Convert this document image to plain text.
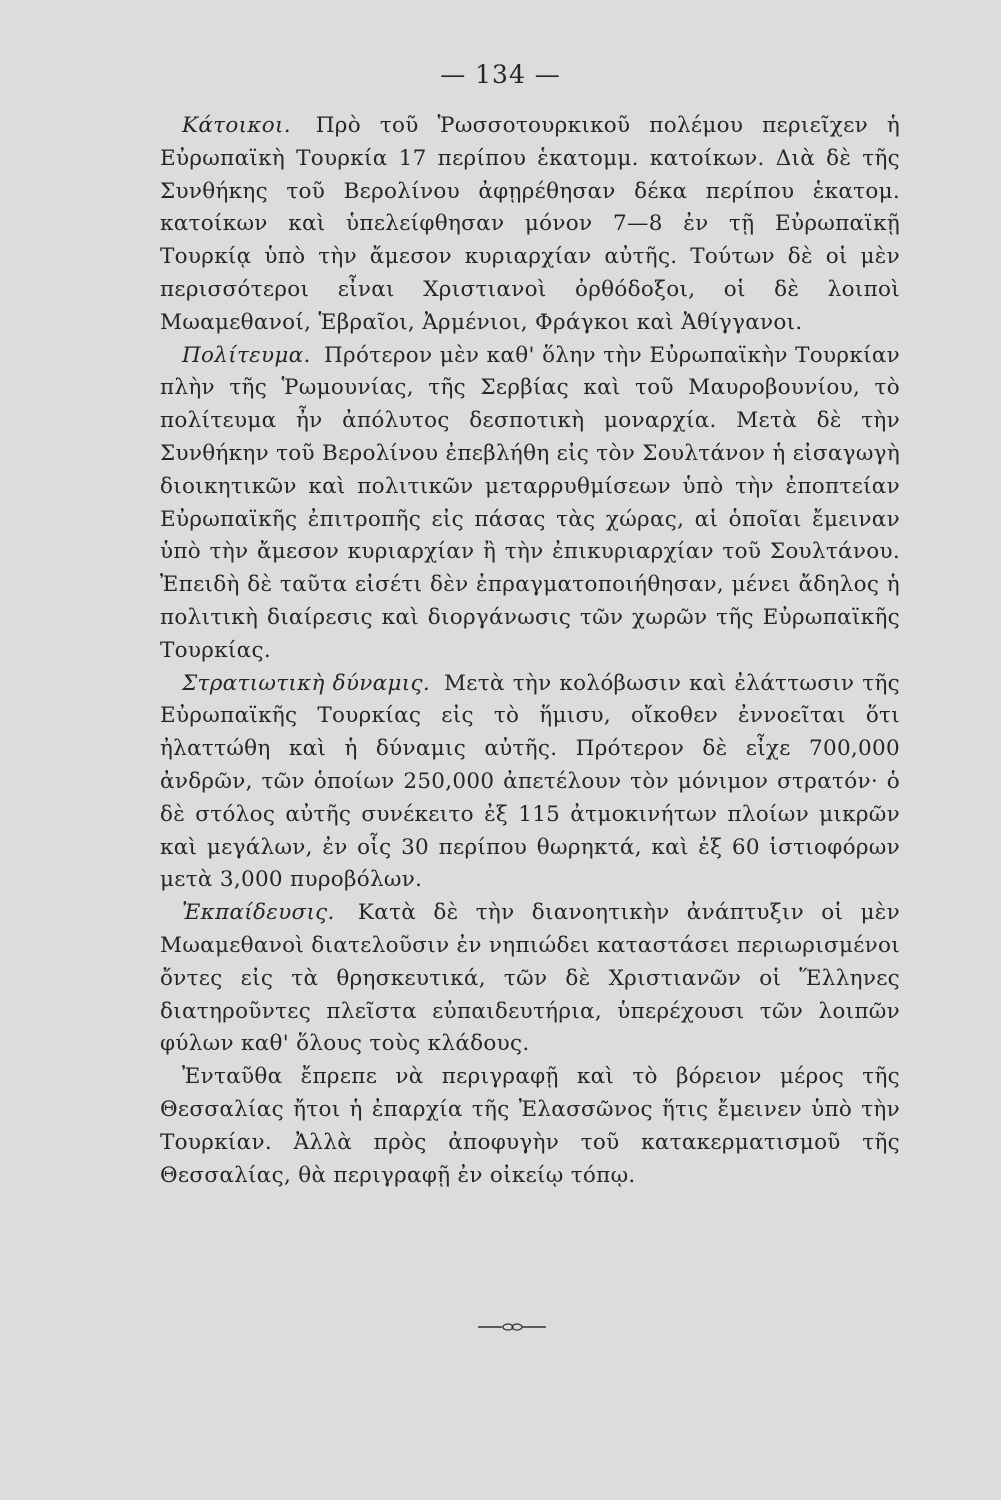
— 134 —

Κάτοικοι. Πρὸ τοῦ Ῥωσσοτουρκικοῦ πολέμου περιεῖχεν ἡ Εὐρωπαϊκὴ Τουρκία 17 περίπου ἑκατομμ. κατοίκων. Διὰ δὲ τῆς Συνθήκης τοῦ Βερολίνου ἀφῃρέθησαν δέκα περίπου ἑκατομ. κατοίκων καὶ ὑπελείφθησαν μόνον 7—8 ἐν τῇ Εὐρωπαϊκῇ Τουρκίᾳ ὑπὸ τὴν ἄμεσον κυριαρχίαν αὐτῆς. Τούτων δὲ οἱ μὲν περισσότεροι εἶναι Χριστιανοὶ ὀρθόδοξοι, οἱ δὲ λοιποὶ Μωαμεθανοί, Ἑβραῖοι, Ἀρμένιοι, Φράγκοι καὶ Ἀθίγγανοι.

Πολίτευμα. Πρότερον μὲν καθ' ὅλην τὴν Εὐρωπαϊκὴν Τουρκίαν πλὴν τῆς Ῥωμουνίας, τῆς Σερβίας καὶ τοῦ Μαυροβουνίου, τὸ πολίτευμα ἦν ἀπόλυτος δεσποτικὴ μοναρχία. Μετὰ δὲ τὴν Συνθήκην τοῦ Βερολίνου ἐπεβλήθη εἰς τὸν Σουλτάνον ἡ εἰσαγωγὴ διοικητικῶν καὶ πολιτικῶν μεταρρυθμίσεων ὑπὸ τὴν ἐποπτείαν Εὐρωπαϊκῆς ἐπιτροπῆς εἰς πάσας τὰς χώρας, αἱ ὁποῖαι ἔμειναν ὑπὸ τὴν ἄμεσον κυριαρχίαν ἢ τὴν ἐπικυριαρχίαν τοῦ Σουλτάνου. Ἐπειδὴ δὲ ταῦτα εἰσέτι δὲν ἐπραγματοποιήθησαν, μένει ἄδηλος ἡ πολιτικὴ διαίρεσις καὶ διοργάνωσις τῶν χωρῶν τῆς Εὐρωπαϊκῆς Τουρκίας.

Στρατιωτικὴ δύναμις. Μετὰ τὴν κολόβωσιν καὶ ἐλάττωσιν τῆς Εὐρωπαϊκῆς Τουρκίας εἰς τὸ ἥμισυ, οἴκοθεν ἐννοεῖται ὅτι ἠλαττώθη καὶ ἡ δύναμις αὐτῆς. Πρότερον δὲ εἶχε 700,000 ἀνδρῶν, τῶν ὁποίων 250,000 ἀπετέλουν τὸν μόνιμον στρατόν· ὁ δὲ στόλος αὐτῆς συνέκειτο ἐξ 115 ἀτμοκινήτων πλοίων μικρῶν καὶ μεγάλων, ἐν οἷς 30 περίπου θωρηκτά, καὶ ἐξ 60 ἱστιοφόρων μετὰ 3,000 πυροβόλων.

Ἐκπαίδευσις. Κατὰ δὲ τὴν διανοητικὴν ἀνάπτυξιν οἱ μὲν Μωαμεθανοὶ διατελοῦσιν ἐν νηπιώδει καταστάσει περιωρισμένοι ὄντες εἰς τὰ θρησκευτικά, τῶν δὲ Χριστιανῶν οἱ Ἕλληνες διατηροῦντες πλεῖστα εὐπαιδευτήρια, ὑπερέχουσι τῶν λοιπῶν φύλων καθ' ὅλους τοὺς κλάδους.

Ἐνταῦθα ἔπρεπε νὰ περιγραφῇ καὶ τὸ βόρειον μέρος τῆς Θεσσαλίας ἤτοι ἡ ἐπαρχία τῆς Ἐλασσῶνος ἥτις ἔμεινεν ὑπὸ τὴν Τουρκίαν. Ἀλλὰ πρὸς ἀποφυγὴν τοῦ κατακερματισμοῦ τῆς Θεσσαλίας, θὰ περιγραφῇ ἐν οἰκείῳ τόπῳ.
